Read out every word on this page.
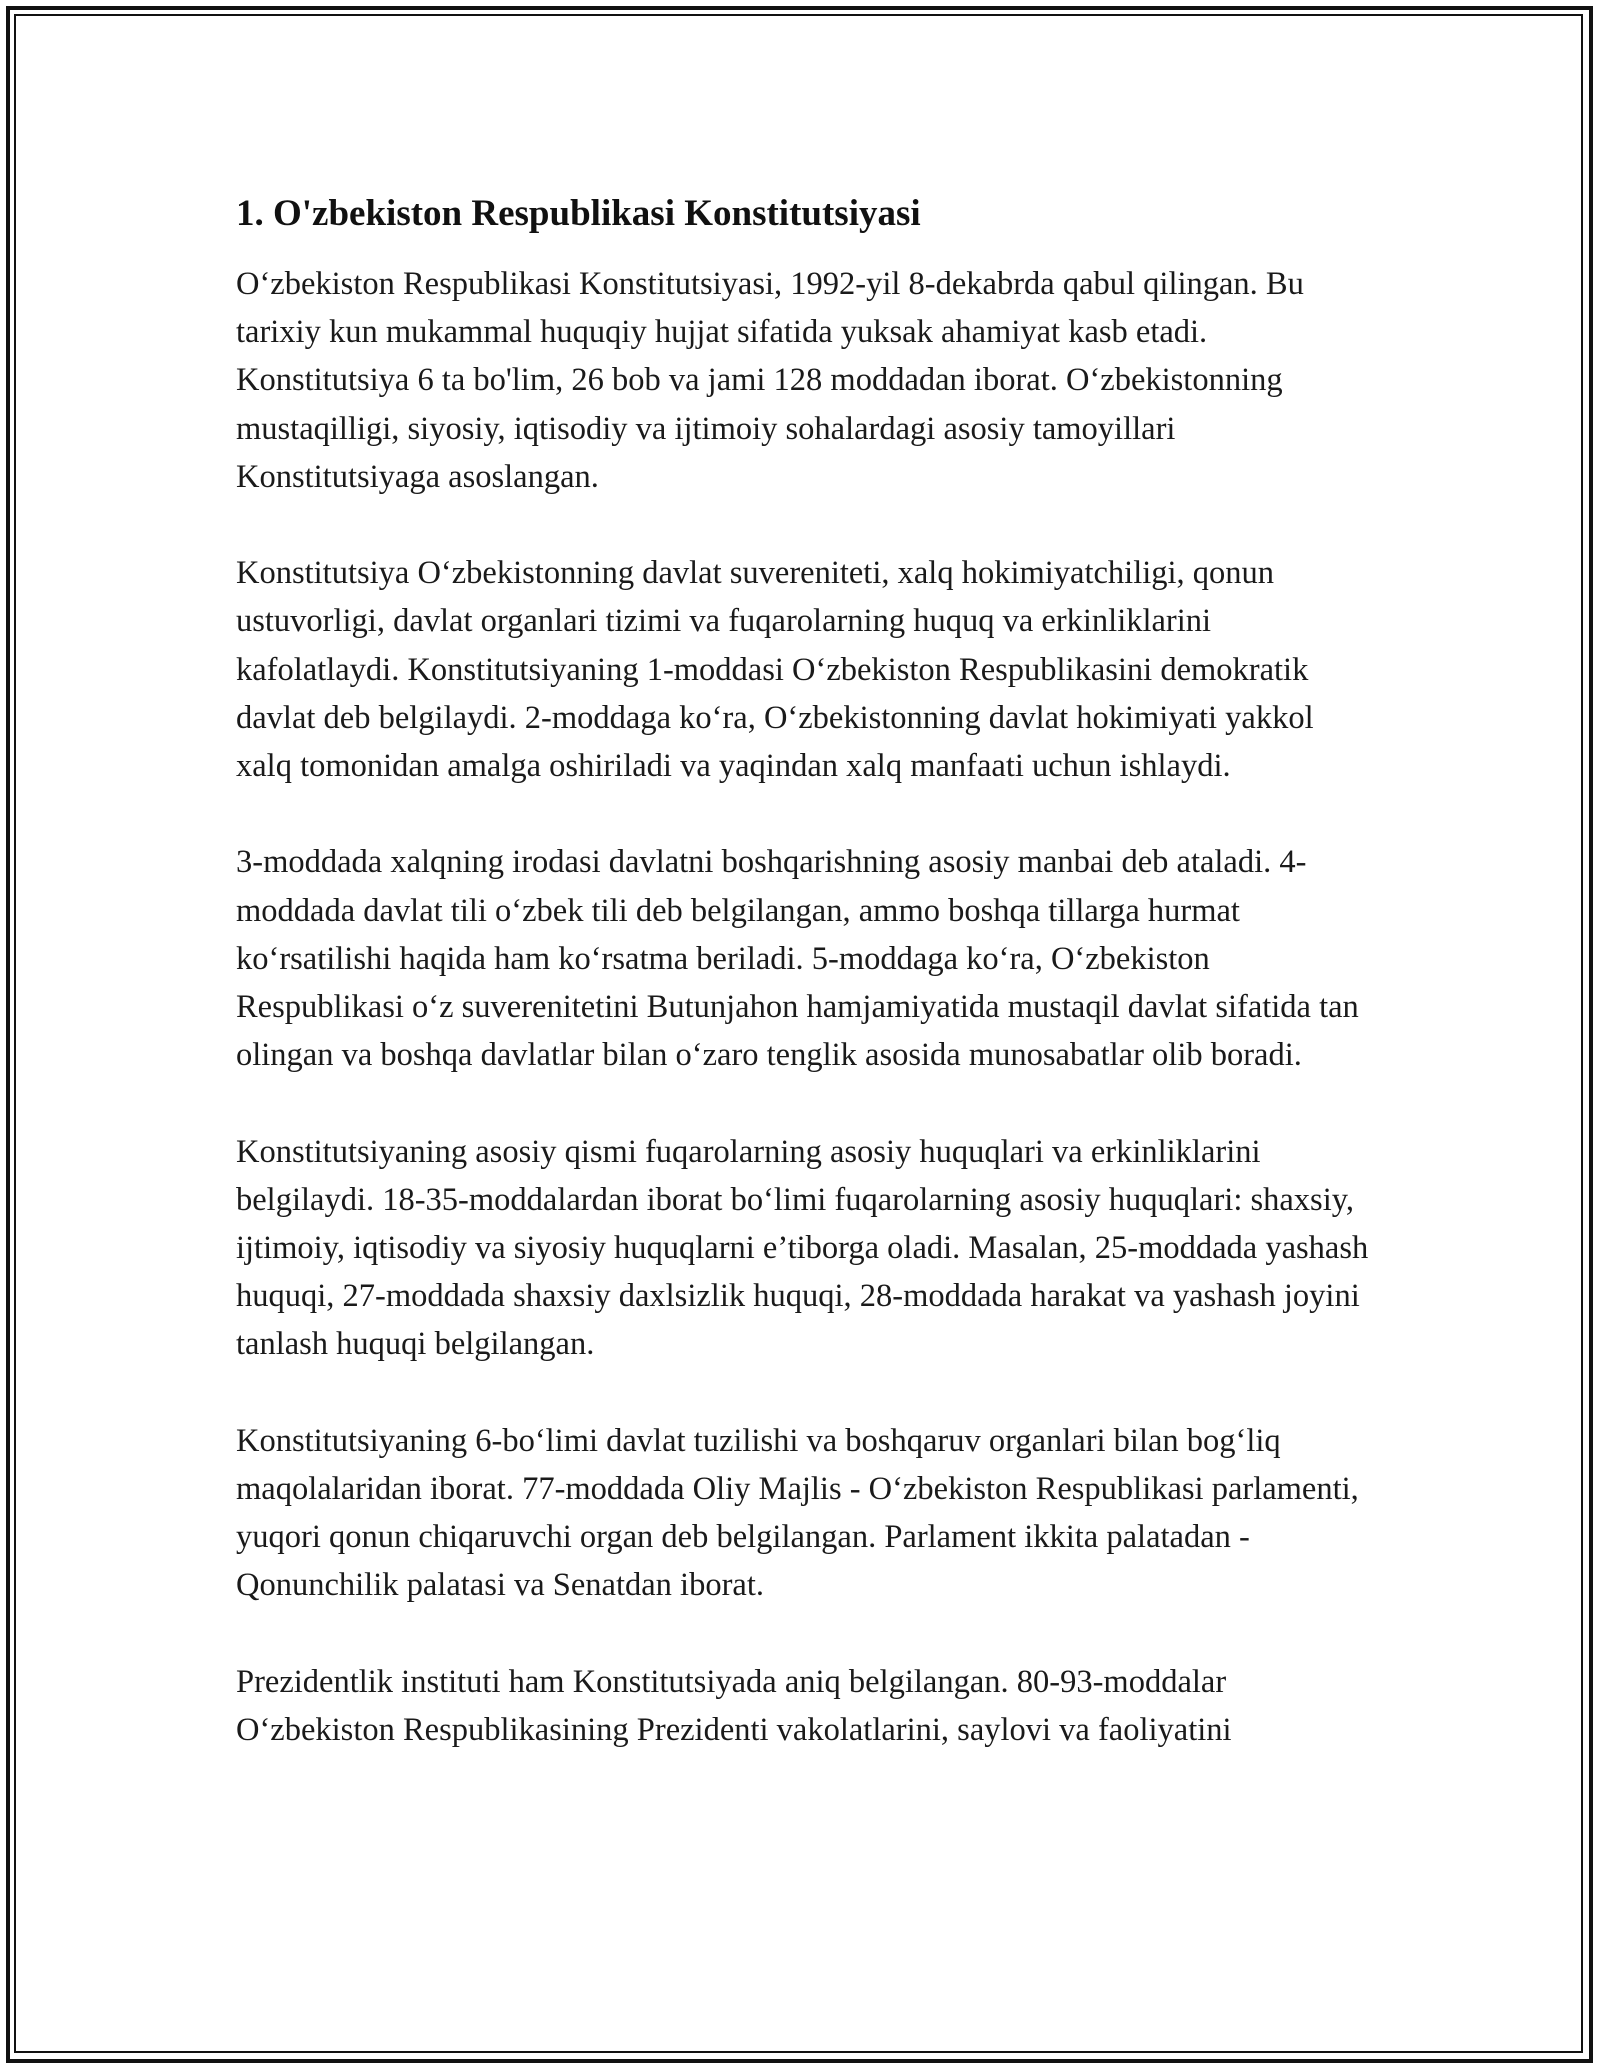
1. O'zbekiston Respublikasi Konstitutsiyasi

O‘zbekiston Respublikasi Konstitutsiyasi, 1992-yil 8-dekabrda qabul qilingan. Bu tarixiy kun mukammal huquqiy hujjat sifatida yuksak ahamiyat kasb etadi. Konstitutsiya 6 ta bo'lim, 26 bob va jami 128 moddadan iborat. O‘zbekistonning mustaqilligi, siyosiy, iqtisodiy va ijtimoiy sohalardagi asosiy tamoyillari Konstitutsiyaga asoslangan.

Konstitutsiya O‘zbekistonning davlat suvereniteti, xalq hokimiyatchiligi, qonun ustuvorligi, davlat organlari tizimi va fuqarolarning huquq va erkinliklarini kafolatlaydi. Konstitutsiyaning 1-moddasi O‘zbekiston Respublikasini demokratik davlat deb belgilaydi. 2-moddaga ko‘ra, O‘zbekistonning davlat hokimiyati yakkol xalq tomonidan amalga oshiriladi va yaqindan xalq manfaati uchun ishlaydi.

3-moddada xalqning irodasi davlatni boshqarishning asosiy manbai deb ataladi. 4-moddada davlat tili o‘zbek tili deb belgilangan, ammo boshqa tillarga hurmat ko‘rsatilishi haqida ham ko‘rsatma beriladi. 5-moddaga ko‘ra, O‘zbekiston Respublikasi o‘z suverenitetini Butunjahon hamjamiyatida mustaqil davlat sifatida tan olingan va boshqa davlatlar bilan o‘zaro tenglik asosida munosabatlar olib boradi.

Konstitutsiyaning asosiy qismi fuqarolarning asosiy huquqlari va erkinliklarini belgilaydi. 18-35-moddalardan iborat bo‘limi fuqarolarning asosiy huquqlari: shaxsiy, ijtimoiy, iqtisodiy va siyosiy huquqlarni e’tiborga oladi. Masalan, 25-moddada yashash huquqi, 27-moddada shaxsiy daxlsizlik huquqi, 28-moddada harakat va yashash joyini tanlash huquqi belgilangan.

Konstitutsiyaning 6-bo‘limi davlat tuzilishi va boshqaruv organlari bilan bog‘liq maqolalaridan iborat. 77-moddada Oliy Majlis - O‘zbekiston Respublikasi parlamenti, yuqori qonun chiqaruvchi organ deb belgilangan. Parlament ikkita palatadan - Qonunchilik palatasi va Senatdan iborat.

Prezidentlik instituti ham Konstitutsiyada aniq belgilangan. 80-93-moddalar O‘zbekiston Respublikasining Prezidenti vakolatlarini, saylovi va faoliyatini
